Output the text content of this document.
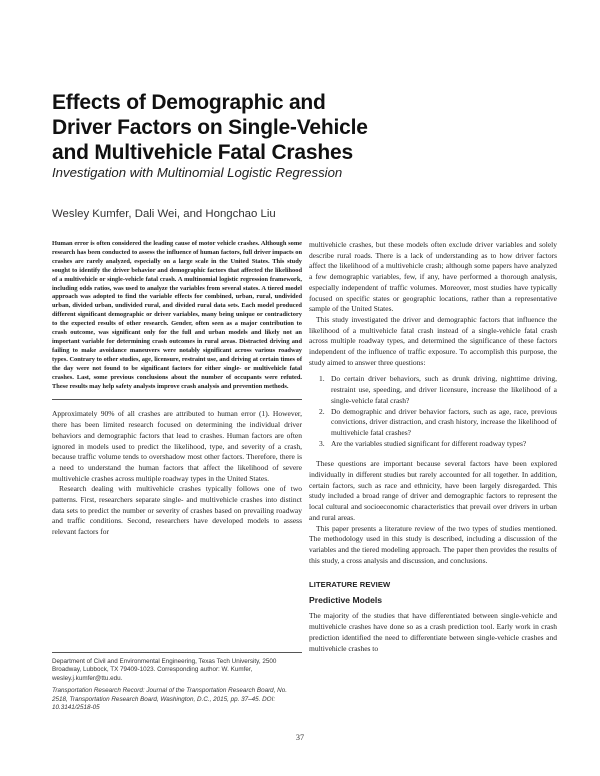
Effects of Demographic and
Driver Factors on Single-Vehicle
and Multivehicle Fatal Crashes
Investigation with Multinomial Logistic Regression
Wesley Kumfer, Dali Wei, and Hongchao Liu

Human error is often considered the leading cause of motor vehicle crashes. Although some research has been conducted to assess the influence of human factors, full driver impacts on crashes are rarely analyzed, especially on a large scale in the United States. This study sought to identify the driver behavior and demographic factors that affected the likelihood of a multivehicle or single-vehicle fatal crash. A multinomial logistic regression framework, including odds ratios, was used to analyze the variables from several states. A tiered model approach was adopted to find the variable effects for combined, urban, rural, undivided urban, divided urban, undivided rural, and divided rural data sets. Each model produced different significant demographic or driver variables, many being unique or contradictory to the expected results of other research. Gender, often seen as a major contribution to crash outcome, was significant only for the full and urban models and likely not an important variable for determining crash outcomes in rural areas. Distracted driving and failing to make avoidance maneuvers were notably significant across various roadway types. Contrary to other studies, age, licensure, restraint use, and driving at certain times of the day were not found to be significant factors for either single- or multivehicle fatal crashes. Last, some previous conclusions about the number of occupants were refuted. These results may help safety analysts improve crash analysis and prevention methods.

Approximately 90% of all crashes are attributed to human error (1). However, there has been limited research focused on determining the individual driver behaviors and demographic factors that lead to crashes. Human factors are often ignored in models used to predict the likelihood, type, and severity of a crash, because traffic volume tends to overshadow most other factors. Therefore, there is a need to understand the human factors that affect the likelihood of severe multivehicle crashes across multiple roadway types in the United States.

Research dealing with multivehicle crashes typically follows one of two patterns. First, researchers separate single- and multivehicle crashes into distinct data sets to predict the number or severity of crashes based on prevailing roadway and traffic conditions. Second, researchers have developed models to assess relevant factors for

multivehicle crashes, but these models often exclude driver variables and solely describe rural roads. There is a lack of understanding as to how driver factors affect the likelihood of a multivehicle crash; although some papers have analyzed a few demographic variables, few, if any, have performed a thorough analysis, especially independent of traffic volumes. Moreover, most studies have typically focused on specific states or geographic locations, rather than a representative sample of the United States.

This study investigated the driver and demographic factors that influence the likelihood of a multivehicle fatal crash instead of a single-vehicle fatal crash across multiple roadway types, and determined the significance of these factors independent of the influence of traffic exposure. To accomplish this purpose, the study aimed to answer three questions:

1. Do certain driver behaviors, such as drunk driving, nighttime driving, restraint use, speeding, and driver licensure, increase the likelihood of a single-vehicle fatal crash?
2. Do demographic and driver behavior factors, such as age, race, previous convictions, driver distraction, and crash history, increase the likelihood of multivehicle fatal crashes?
3. Are the variables studied significant for different roadway types?

These questions are important because several factors have been explored individually in different studies but rarely accounted for all together. In addition, certain factors, such as race and ethnicity, have been largely disregarded. This study included a broad range of driver and demographic factors to represent the local cultural and socioeconomic characteristics that prevail over drivers in urban and rural areas.

This paper presents a literature review of the two types of studies mentioned. The methodology used in this study is described, including a discussion of the variables and the tiered modeling approach. The paper then provides the results of this study, a cross analysis and discussion, and conclusions.

LITERATURE REVIEW
Predictive Models

The majority of the studies that have differentiated between single-vehicle and multivehicle crashes have done so as a crash prediction tool. Early work in crash prediction identified the need to differentiate between single-vehicle crashes and multivehicle crashes to

Department of Civil and Environmental Engineering, Texas Tech University, 2500 Broadway, Lubbock, TX 79409-1023. Corresponding author: W. Kumfer, wesley.j.kumfer@ttu.edu.

Transportation Research Record: Journal of the Transportation Research Board, No. 2518, Transportation Research Board, Washington, D.C., 2015, pp. 37–45. DOI: 10.3141/2518-05

37
